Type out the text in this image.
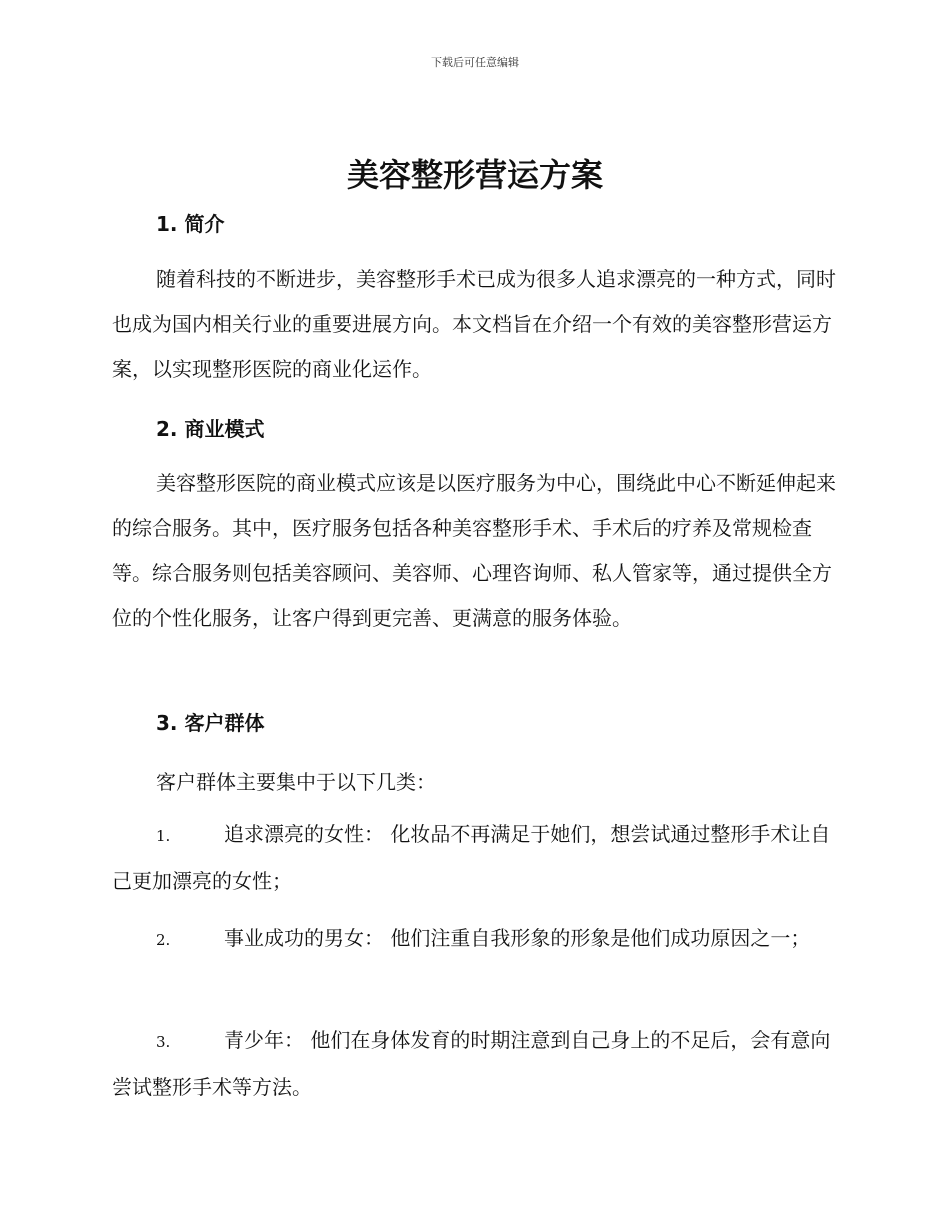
下载后可任意编辑
美容整形营运方案
1. 简介
随着科技的不断进步，美容整形手术已成为很多人追求漂亮的一种方式，同时也成为国内相关行业的重要进展方向。本文档旨在介绍一个有效的美容整形营运方案，以实现整形医院的商业化运作。
2. 商业模式
美容整形医院的商业模式应该是以医疗服务为中心，围绕此中心不断延伸起来的综合服务。其中，医疗服务包括各种美容整形手术、手术后的疗养及常规检查等。综合服务则包括美容顾问、美容师、心理咨询师、私人管家等，通过提供全方位的个性化服务，让客户得到更完善、更满意的服务体验。
3. 客户群体
客户群体主要集中于以下几类：
1.	追求漂亮的女性： 化妆品不再满足于她们，想尝试通过整形手术让自己更加漂亮的女性；
2.	事业成功的男女： 他们注重自我形象的形象是他们成功原因之一；
3.	青少年： 他们在身体发育的时期注意到自己身上的不足后，会有意向尝试整形手术等方法。
